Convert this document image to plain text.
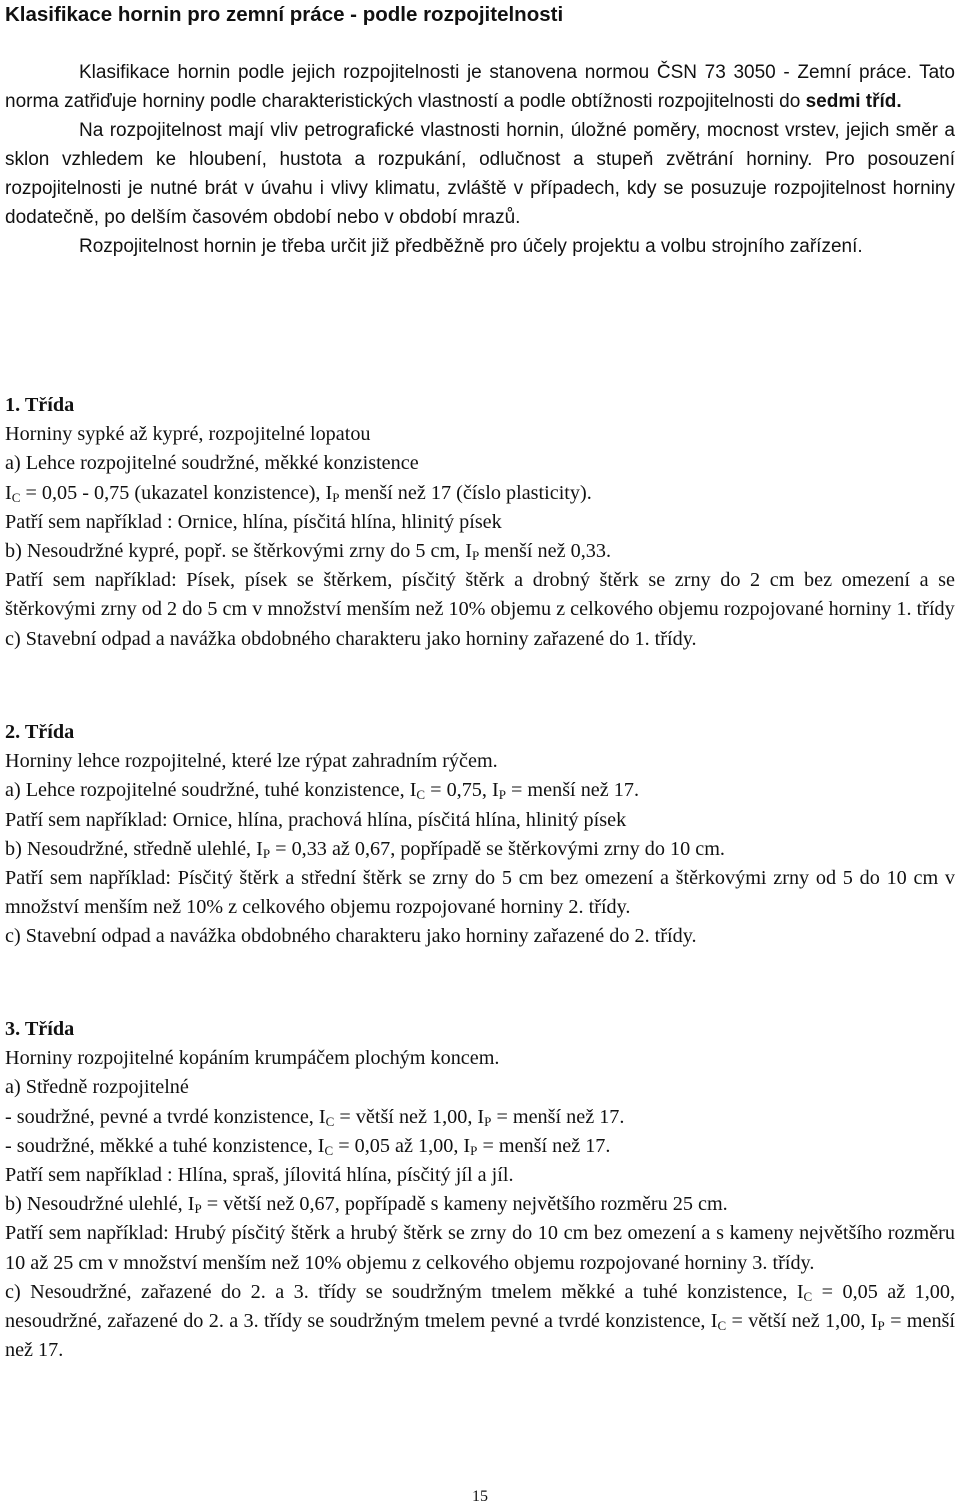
Klasifikace hornin pro zemní práce - podle rozpojitelnosti

Klasifikace hornin podle jejich rozpojitelnosti je stanovena normou ČSN 73 3050 - Zemní práce. Tato norma zatřiďuje horniny podle charakteristických vlastností a podle obtížnosti rozpojitelnosti do sedmi tříd.

Na rozpojitelnost mají vliv petrografické vlastnosti hornin, úložné poměry, mocnost vrstev, jejich směr a sklon vzhledem ke hloubení, hustota a rozpukání, odlučnost a stupeň zvětrání horniny. Pro posouzení rozpojitelnosti je nutné brát v úvahu i vlivy klimatu, zvláště v případech, kdy se posuzuje rozpojitelnost horniny dodatečně, po delším časovém období nebo v období mrazů.

Rozpojitelnost hornin je třeba určit již předběžně pro účely projektu a volbu strojního zařízení.

1. Třída

Horniny sypké až kypré, rozpojitelné lopatou

a) Lehce rozpojitelné soudržné, měkké konzistence

$I_C = 0,05 - 0,75$ (ukazatel konzistence), $I_P$ menší než 17 (číslo plasticity).

Patří sem například : Ornice, hlína, písčitá hlína, hlinitý písek

b) Nesoudržné kypré, popř. se štěrkovými zrny do 5 cm, $I_P$ menší než 0,33.

Patří sem například: Písek, písek se štěrkem, písčitý štěrk a drobný štěrk se zrny do 2 cm bez omezení a se štěrkovými zrny od 2 do 5 cm v množství menším než 10% objemu z celkového objemu rozpojované horniny 1. třídy

c) Stavební odpad a navážka obdobného charakteru jako horniny zařazené do 1. třídy.

2. Třída

Horniny lehce rozpojitelné, které lze rýpat zahradním rýčem.

a) Lehce rozpojitelné soudržné, tuhé konzistence, $I_C = 0,75$, $I_P$ = menší než 17.

Patří sem například: Ornice, hlína, prachová hlína, písčitá hlína, hlinitý písek

b) Nesoudržné, středně ulehlé, $I_P = 0,33$ až 0,67, popřípadě se štěrkovými zrny do 10 cm.

Patří sem například: Písčitý štěrk a střední štěrk se zrny do 5 cm bez omezení a štěrkovými zrny od 5 do 10 cm v množství menším než 10% z celkového objemu rozpojované horniny 2. třídy.

c) Stavební odpad a navážka obdobného charakteru jako horniny zařazené do 2. třídy.

3. Třída

Horniny rozpojitelné kopáním krumpáčem plochým koncem.

a) Středně rozpojitelné

- soudržné, pevné a tvrdé konzistence, $I_C$ = větší než 1,00, $I_P$ = menší než 17.

- soudržné, měkké a tuhé konzistence, $I_C = 0,05$ až 1,00, $I_P$ = menší než 17.

Patří sem například : Hlína, spraš, jílovitá hlína, písčitý jíl a jíl.

b) Nesoudržné ulehlé, $I_P$ = větší než 0,67, popřípadě s kameny největšího rozměru 25 cm.

Patří sem například: Hrubý písčitý štěrk a hrubý štěrk se zrny do 10 cm bez omezení a s kameny největšího rozměru 10 až 25 cm v množství menším než 10% objemu z celkového objemu rozpojované horniny 3. třídy.

c) Nesoudržné, zařazené do 2. a 3. třídy se soudržným tmelem měkké a tuhé konzistence, $I_C = 0,05$ až 1,00, nesoudržné, zařazené do 2. a 3. třídy se soudržným tmelem pevné a tvrdé konzistence, $I_C$ = větší než 1,00, $I_P$ = menší než 17.

15
